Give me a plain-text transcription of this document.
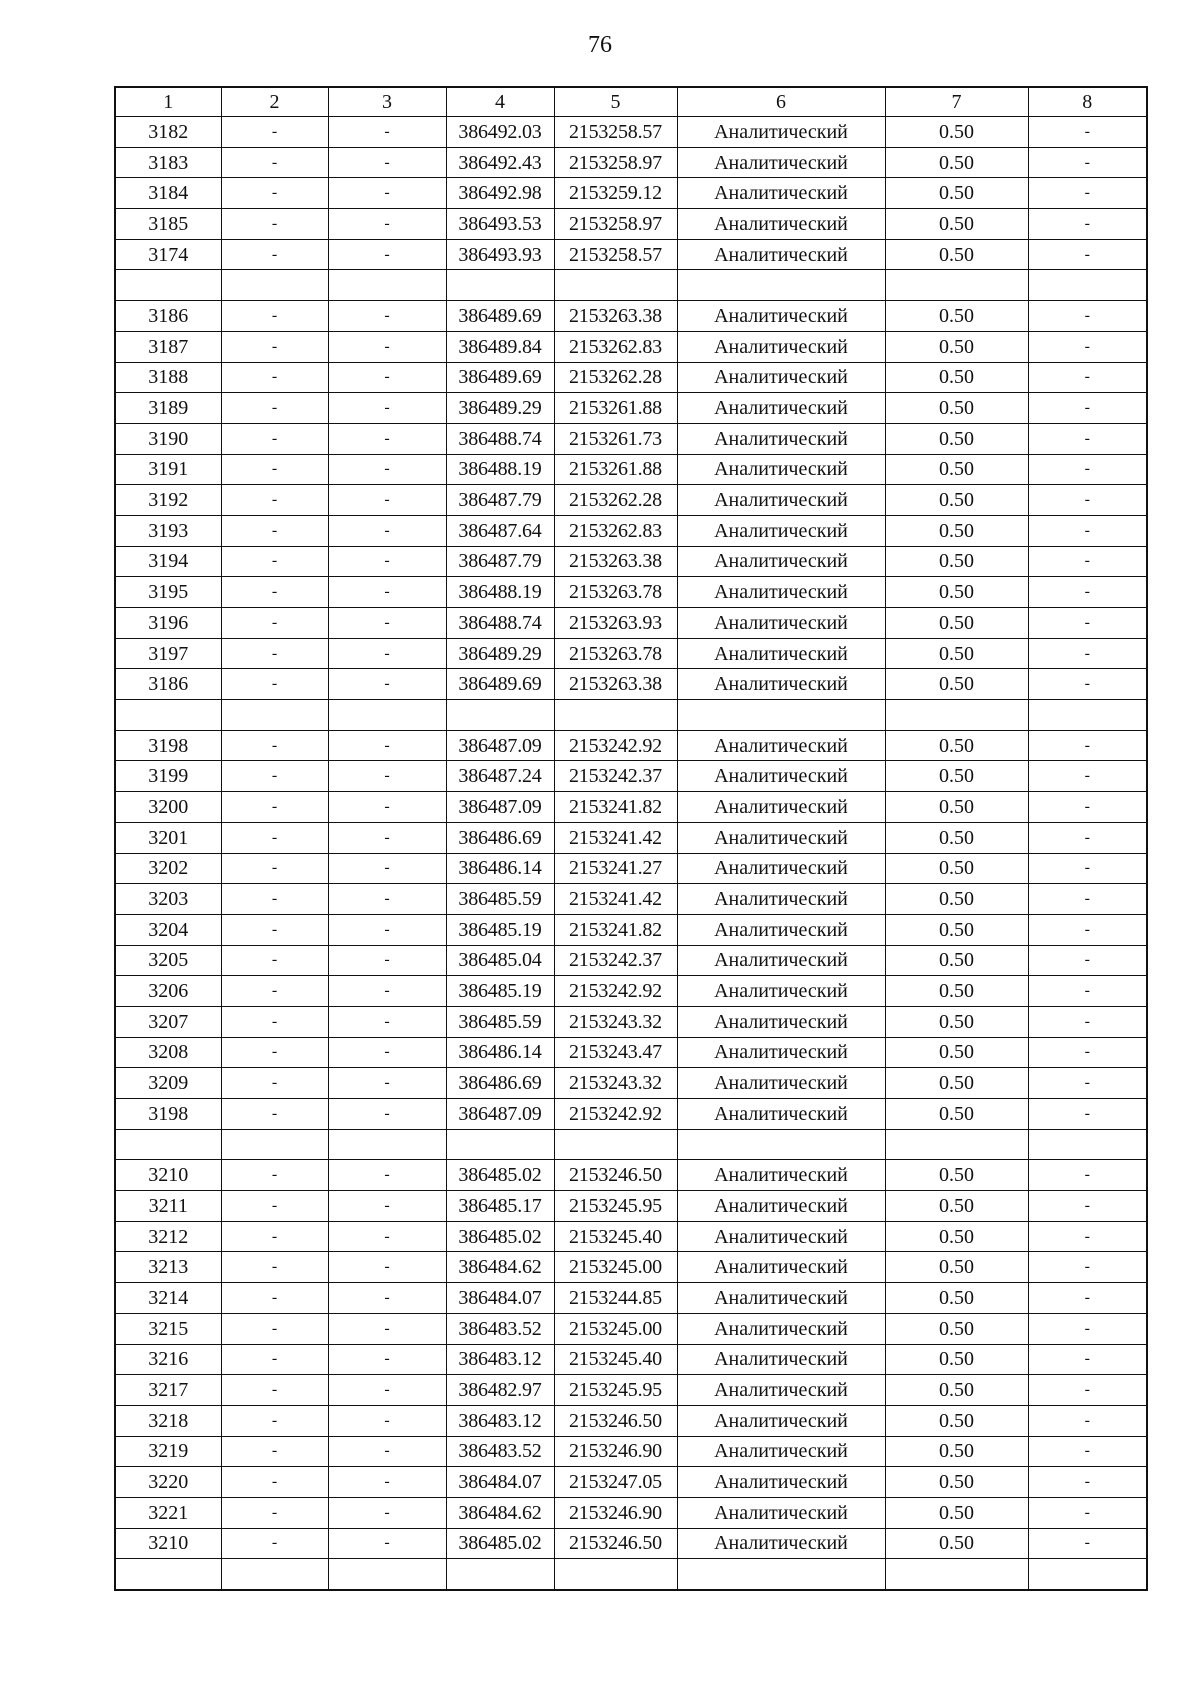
76
1	2	3	4	5	6	7	8
3182	-	-	386492.03	2153258.57	Аналитический	0.50	-
3183	-	-	386492.43	2153258.97	Аналитический	0.50	-
3184	-	-	386492.98	2153259.12	Аналитический	0.50	-
3185	-	-	386493.53	2153258.97	Аналитический	0.50	-
3174	-	-	386493.93	2153258.57	Аналитический	0.50	-

3186	-	-	386489.69	2153263.38	Аналитический	0.50	-
3187	-	-	386489.84	2153262.83	Аналитический	0.50	-
3188	-	-	386489.69	2153262.28	Аналитический	0.50	-
3189	-	-	386489.29	2153261.88	Аналитический	0.50	-
3190	-	-	386488.74	2153261.73	Аналитический	0.50	-
3191	-	-	386488.19	2153261.88	Аналитический	0.50	-
3192	-	-	386487.79	2153262.28	Аналитический	0.50	-
3193	-	-	386487.64	2153262.83	Аналитический	0.50	-
3194	-	-	386487.79	2153263.38	Аналитический	0.50	-
3195	-	-	386488.19	2153263.78	Аналитический	0.50	-
3196	-	-	386488.74	2153263.93	Аналитический	0.50	-
3197	-	-	386489.29	2153263.78	Аналитический	0.50	-
3186	-	-	386489.69	2153263.38	Аналитический	0.50	-

3198	-	-	386487.09	2153242.92	Аналитический	0.50	-
3199	-	-	386487.24	2153242.37	Аналитический	0.50	-
3200	-	-	386487.09	2153241.82	Аналитический	0.50	-
3201	-	-	386486.69	2153241.42	Аналитический	0.50	-
3202	-	-	386486.14	2153241.27	Аналитический	0.50	-
3203	-	-	386485.59	2153241.42	Аналитический	0.50	-
3204	-	-	386485.19	2153241.82	Аналитический	0.50	-
3205	-	-	386485.04	2153242.37	Аналитический	0.50	-
3206	-	-	386485.19	2153242.92	Аналитический	0.50	-
3207	-	-	386485.59	2153243.32	Аналитический	0.50	-
3208	-	-	386486.14	2153243.47	Аналитический	0.50	-
3209	-	-	386486.69	2153243.32	Аналитический	0.50	-
3198	-	-	386487.09	2153242.92	Аналитический	0.50	-

3210	-	-	386485.02	2153246.50	Аналитический	0.50	-
3211	-	-	386485.17	2153245.95	Аналитический	0.50	-
3212	-	-	386485.02	2153245.40	Аналитический	0.50	-
3213	-	-	386484.62	2153245.00	Аналитический	0.50	-
3214	-	-	386484.07	2153244.85	Аналитический	0.50	-
3215	-	-	386483.52	2153245.00	Аналитический	0.50	-
3216	-	-	386483.12	2153245.40	Аналитический	0.50	-
3217	-	-	386482.97	2153245.95	Аналитический	0.50	-
3218	-	-	386483.12	2153246.50	Аналитический	0.50	-
3219	-	-	386483.52	2153246.90	Аналитический	0.50	-
3220	-	-	386484.07	2153247.05	Аналитический	0.50	-
3221	-	-	386484.62	2153246.90	Аналитический	0.50	-
3210	-	-	386485.02	2153246.50	Аналитический	0.50	-
